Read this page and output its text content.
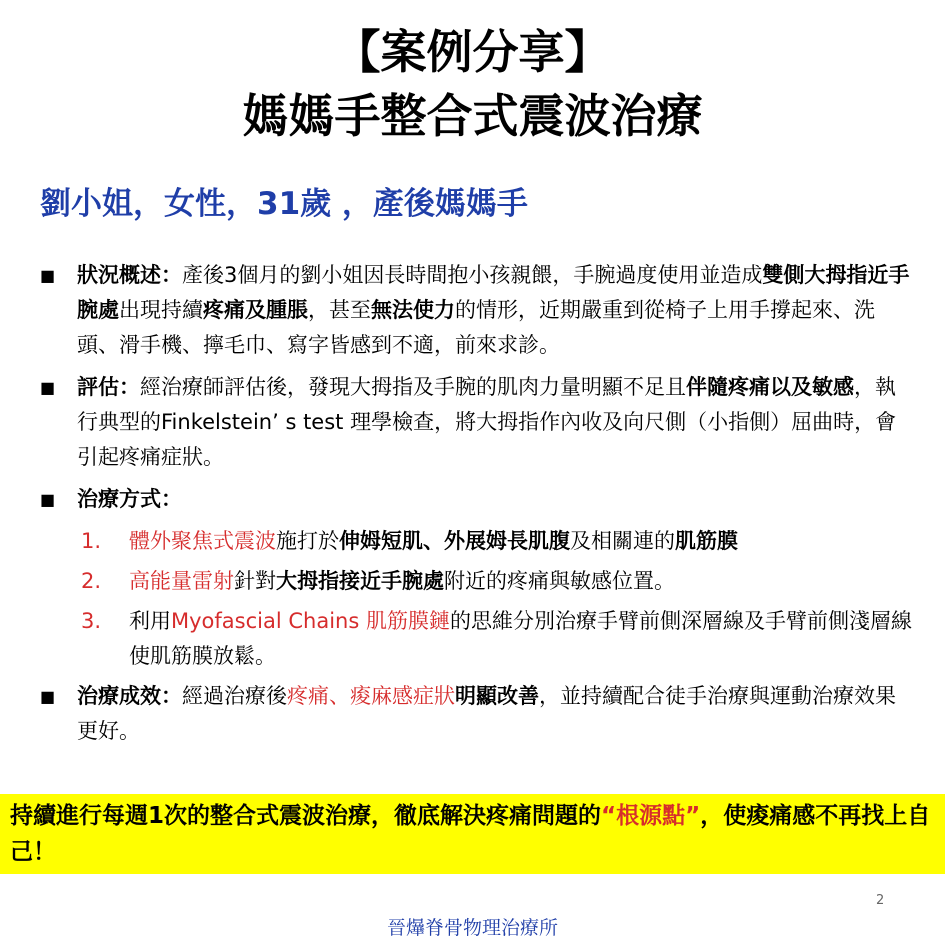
【案例分享】
媽媽手整合式震波治療
劉小姐，女性，31歲 ，產後媽媽手
■	狀況概述：產後3個月的劉小姐因長時間抱小孩親餵，手腕過度使用並造成雙側大拇指近手腕處出現持續疼痛及腫脹，甚至無法使力的情形，近期嚴重到從椅子上用手撐起來、洗頭、滑手機、擰毛巾、寫字皆感到不適，前來求診。
■	評估：經治療師評估後，發現大拇指及手腕的肌肉力量明顯不足且伴隨疼痛以及敏感，執行典型的Finkelstein’ s test 理學檢查，將大拇指作內收及向尺側（小指側）屈曲時，會引起疼痛症狀。
■	治療方式：
1.	體外聚焦式震波施打於伸姆短肌、外展姆長肌腹及相關連的肌筋膜
2.	高能量雷射針對大拇指接近手腕處附近的疼痛與敏感位置。
3.	利用Myofascial Chains 肌筋膜鏈的思維分別治療手臂前側深層線及手臂前側淺層線使肌筋膜放鬆。
■	治療成效：經過治療後疼痛、痠麻感症狀明顯改善，並持續配合徒手治療與運動治療效果更好。
持續進行每週1次的整合式震波治療，徹底解決疼痛問題的“根源點”，使痠痛感不再找上自己！
2
晉爗脊骨物理治療所
